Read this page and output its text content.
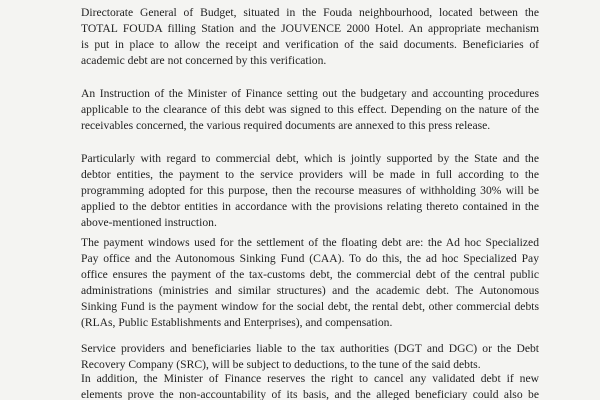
Directorate General of Budget, situated in the Fouda neighbourhood, located between the
TOTAL FOUDA filling Station and the JOUVENCE 2000 Hotel. An appropriate mechanism
is put in place to allow the receipt and verification of the said documents. Beneficiaries of
academic debt are not concerned by this verification.
An Instruction of the Minister of Finance setting out the budgetary and accounting procedures
applicable to the clearance of this debt was signed to this effect. Depending on the nature of the
receivables concerned, the various required documents are annexed to this press release.
Particularly with regard to commercial debt, which is jointly supported by the State and the
debtor entities, the payment to the service providers will be made in full according to the
programming adopted for this purpose, then the recourse measures of withholding 30% will be
applied to the debtor entities in accordance with the provisions relating thereto contained in the
above-mentioned instruction.
The payment windows used for the settlement of the floating debt are: the Ad hoc Specialized
Pay office and the Autonomous Sinking Fund (CAA). To do this, the ad hoc Specialized Pay
office ensures the payment of the tax-customs debt, the commercial debt of the central public
administrations (ministries and similar structures) and the academic debt. The Autonomous
Sinking Fund is the payment window for the social debt, the rental debt, other commercial debts
(RLAs, Public Establishments and Enterprises), and compensation.
Service providers and beneficiaries liable to the tax authorities (DGT and DGC) or the Debt
Recovery Company (SRC), will be subject to deductions, to the tune of the said debts.
In addition, the Minister of Finance reserves the right to cancel any validated debt if new
elements prove the non-accountability of its basis, and the alleged beneficiary could also be
